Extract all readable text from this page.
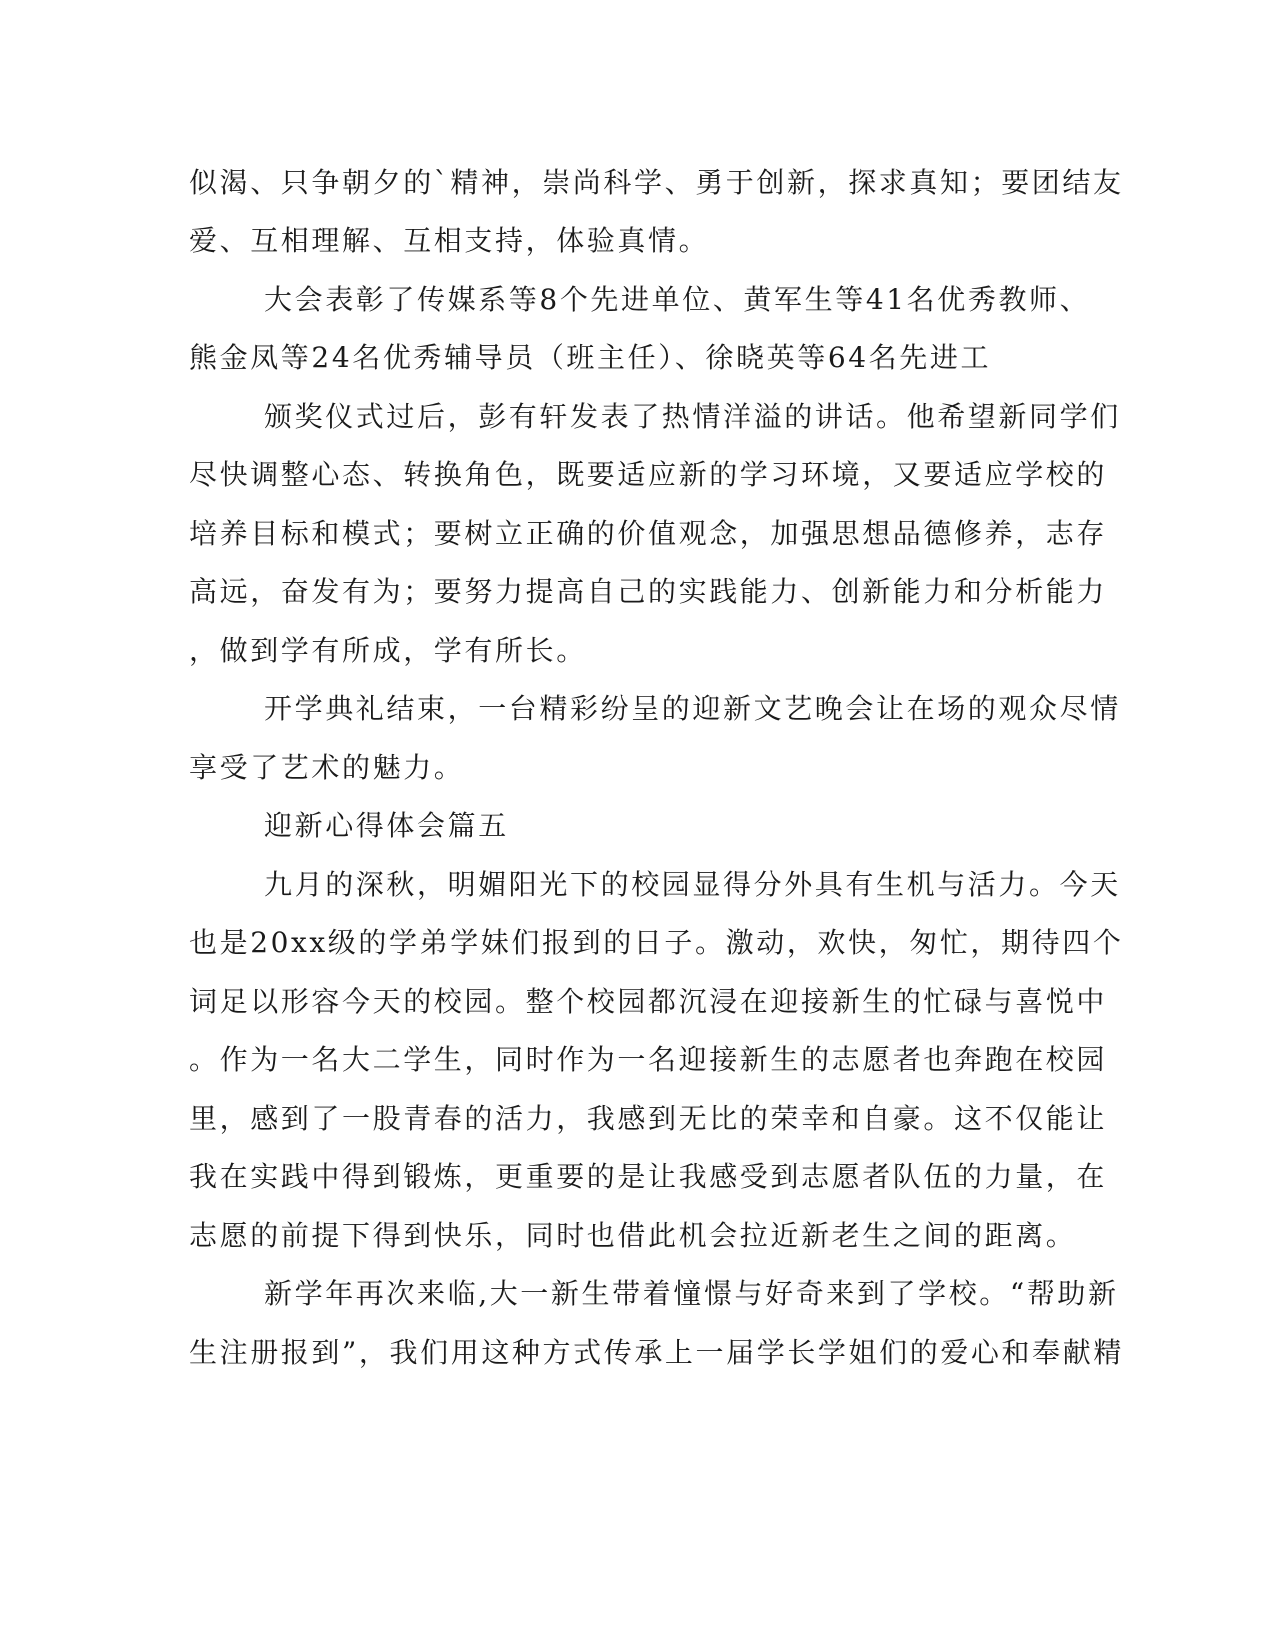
似渴、只争朝夕的`精神，崇尚科学、勇于创新，探求真知；要团结友
爱、互相理解、互相支持，体验真情。
大会表彰了传媒系等8个先进单位、黄军生等41名优秀教师、
熊金凤等24名优秀辅导员（班主任）、徐晓英等64名先进工
颁奖仪式过后，彭有轩发表了热情洋溢的讲话。他希望新同学们
尽快调整心态、转换角色，既要适应新的学习环境，又要适应学校的
培养目标和模式；要树立正确的价值观念，加强思想品德修养，志存
高远，奋发有为；要努力提高自己的实践能力、创新能力和分析能力
，做到学有所成，学有所长。
开学典礼结束，一台精彩纷呈的迎新文艺晚会让在场的观众尽情
享受了艺术的魅力。
迎新心得体会篇五
九月的深秋，明媚阳光下的校园显得分外具有生机与活力。今天
也是20xx级的学弟学妹们报到的日子。激动，欢快，匆忙，期待四个
词足以形容今天的校园。整个校园都沉浸在迎接新生的忙碌与喜悦中
。作为一名大二学生，同时作为一名迎接新生的志愿者也奔跑在校园
里，感到了一股青春的活力，我感到无比的荣幸和自豪。这不仅能让
我在实践中得到锻炼，更重要的是让我感受到志愿者队伍的力量，在
志愿的前提下得到快乐，同时也借此机会拉近新老生之间的距离。
新学年再次来临,大一新生带着憧憬与好奇来到了学校。“帮助新
生注册报到”，我们用这种方式传承上一届学长学姐们的爱心和奉献精
